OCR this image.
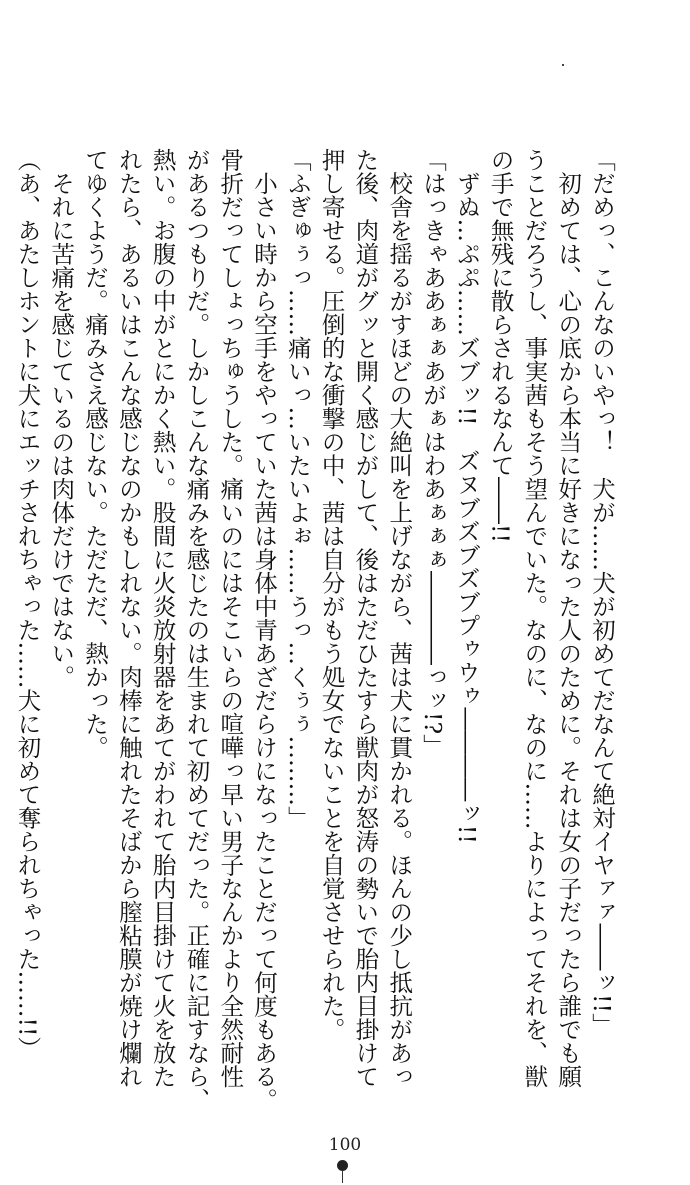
「だめっ、こんなのいやっ！　犬が……犬が初めてだなんて絶対イヤァァ――ッ!!」
　初めては、心の底から本当に好きになった人のために。それは女の子だったら誰でも願
うことだろうし、事実茜もそう望んでいた。なのに、なのに……よりによってそれを、獣
の手で無残に散らされるなんて――!!
　ずぬ…ぷぷ……ズブッ!!　ズヌブズブズブプゥウゥ――――ッ!!
「はっきゃああぁぁあがぁはわあぁぁぁ――――っッ!?」
　校舎を揺るがすほどの大絶叫を上げながら、茜は犬に貫かれる。ほんの少し抵抗があっ
た後、肉道がグッと開く感じがして、後はただひたすら獣肉が怒涛の勢いで胎内目掛けて
押し寄せる。圧倒的な衝撃の中、茜は自分がもう処女でないことを自覚させられた。
「ふぎゅぅっ……痛いっ…いたいよぉ……うっ…くぅぅ………」
　小さい時から空手をやっていた茜は身体中青あざだらけになったことだって何度もある。
骨折だってしょっちゅうした。痛いのにはそこいらの喧嘩っ早い男子なんかより全然耐性
があるつもりだ。しかしこんな痛みを感じたのは生まれて初めてだった。正確に記すなら、
熱い。お腹の中がとにかく熱い。股間に火炎放射器をあてがわれて胎内目掛けて火を放た
れたら、あるいはこんな感じなのかもしれない。肉棒に触れたそばから膣粘膜が焼け爛れ
てゆくようだ。痛みさえ感じない。ただただ、熱かった。
　それに苦痛を感じているのは肉体だけではない。
（あ、あたしホントに犬にエッチされちゃった……犬に初めて奪られちゃった……!!）
100
